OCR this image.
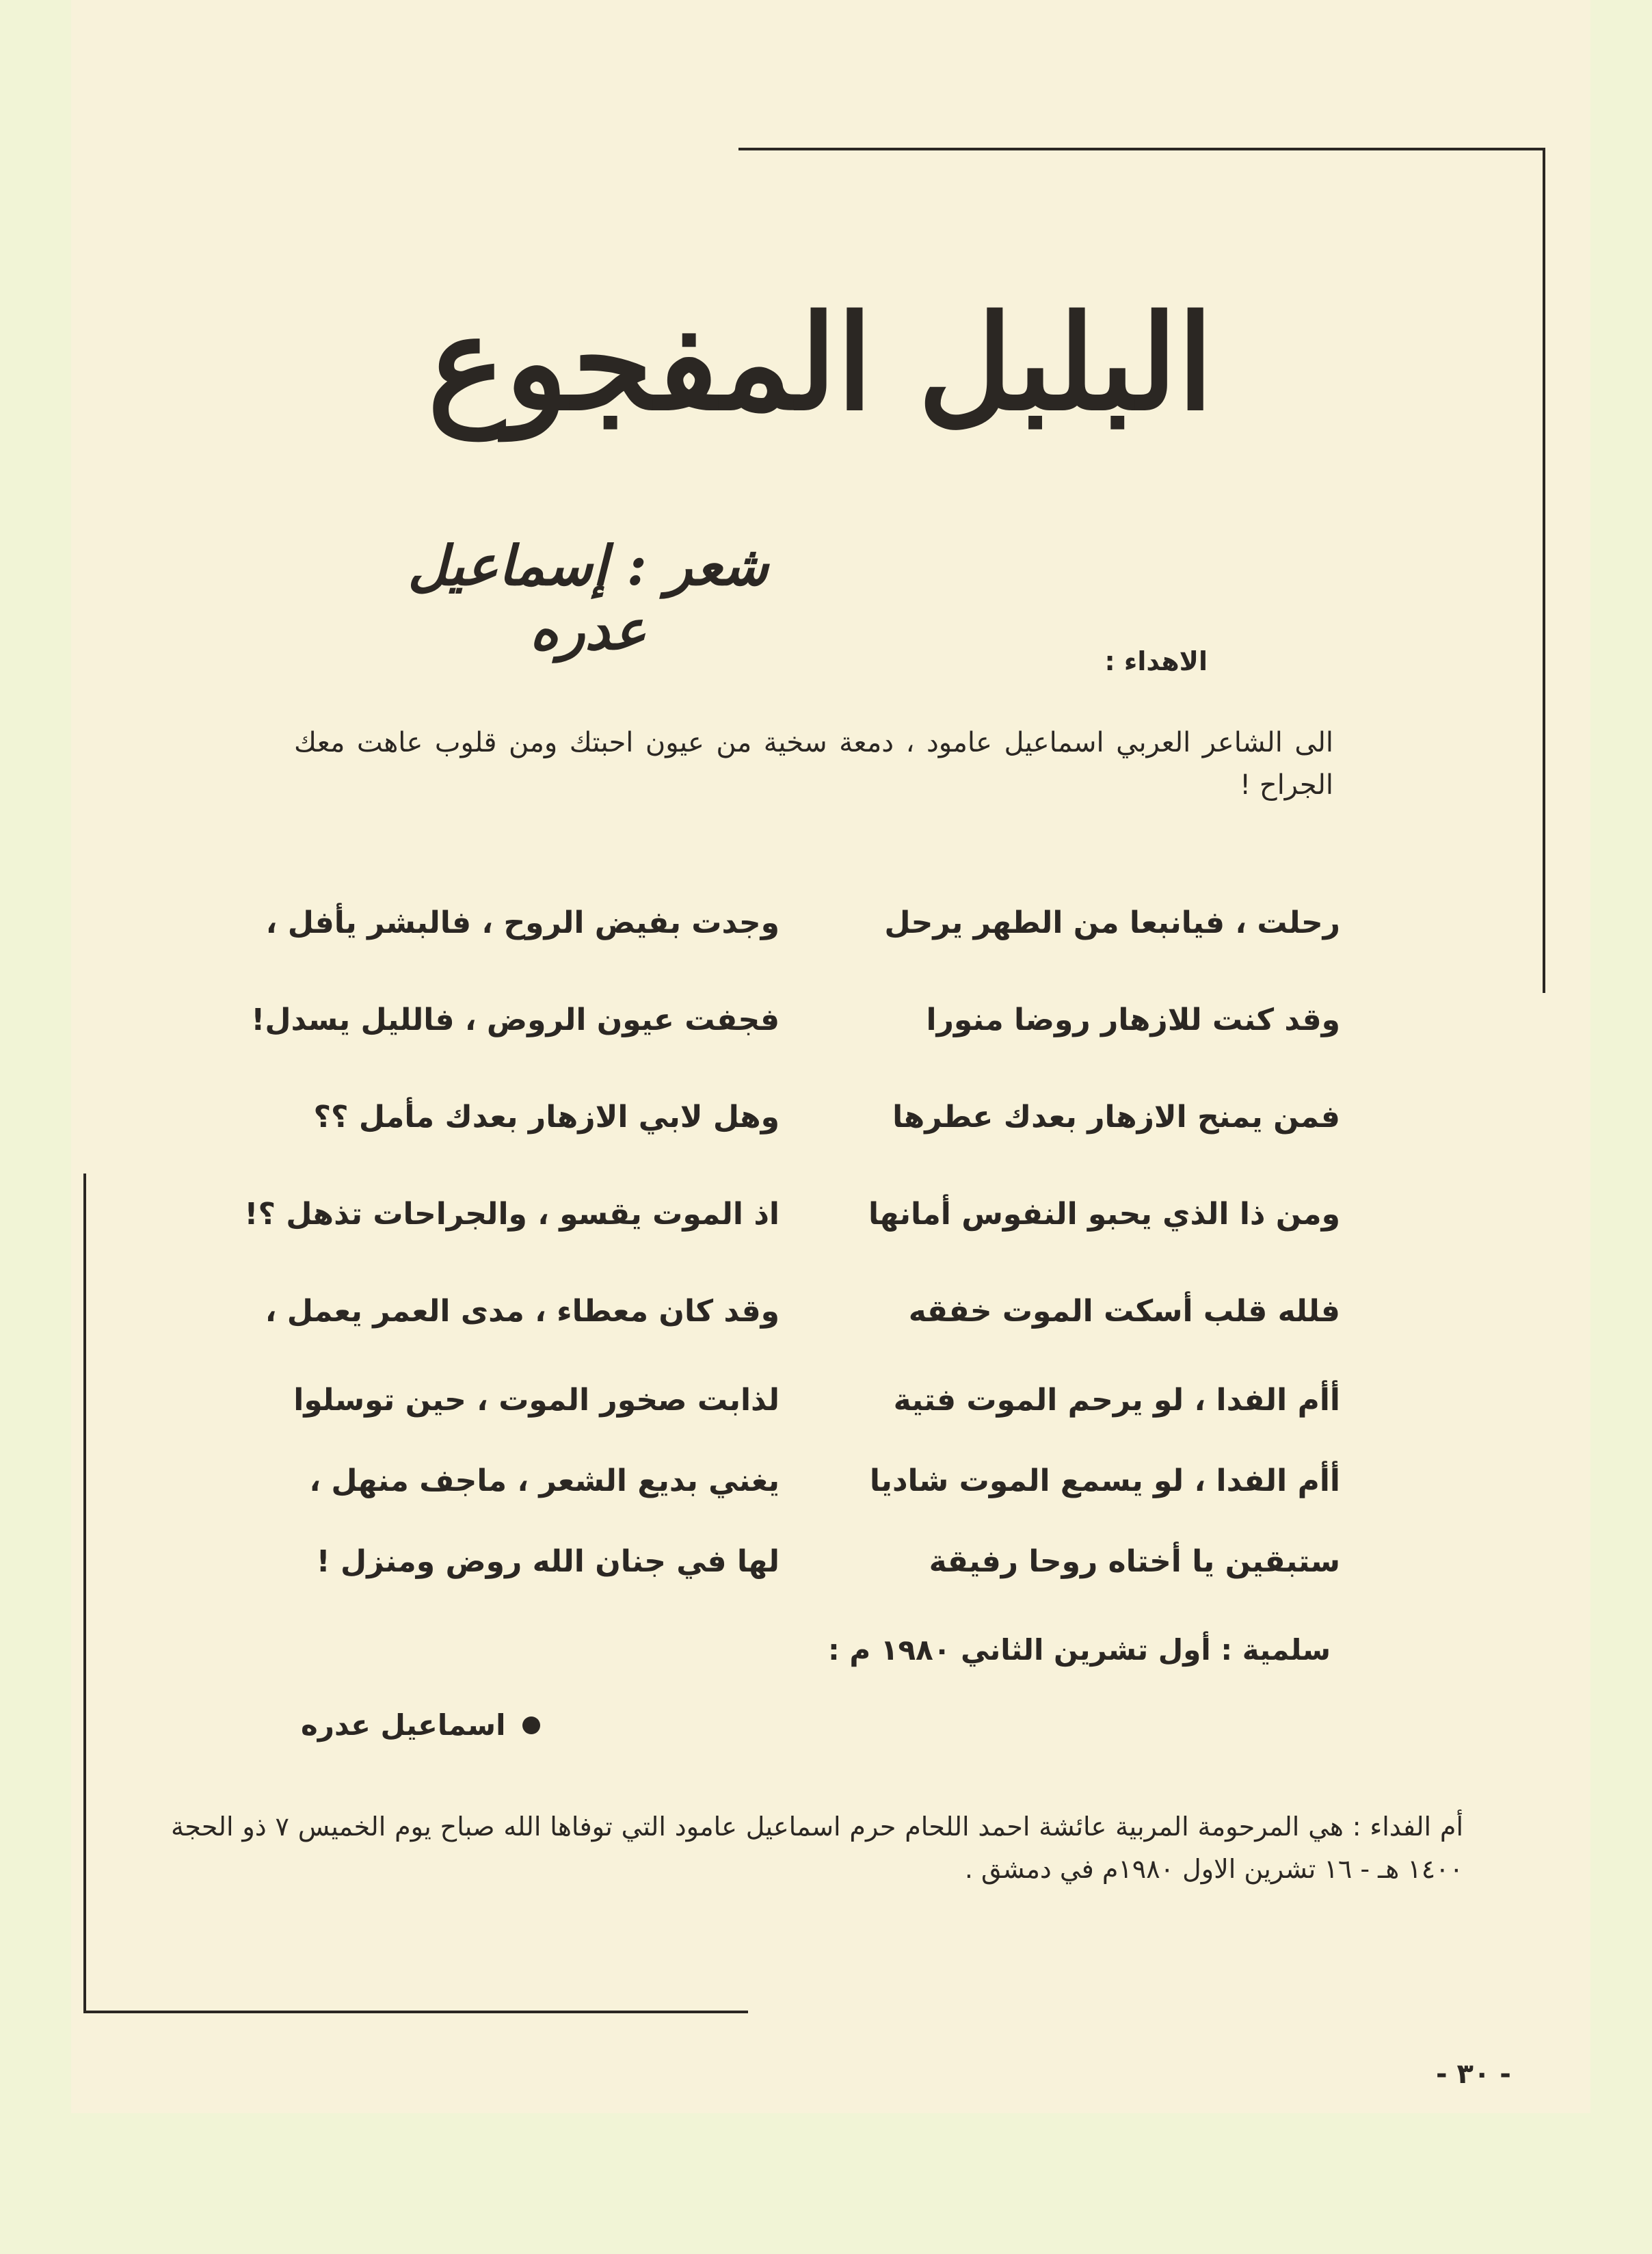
البلبل المفجوع
شعر : إسماعيل عدره	الاهداء :
الى الشاعر العربي اسماعيل عامود ، دمعة سخية من عيون احبتك ومن قلوب عاهت معك الجراح !
رحلت ، فيانبعا من الطهر يرحل
وجدت بفيض الروح ، فالبشر يأفل ،
وقد كنت للازهار روضا منورا
فجفت عيون الروض ، فالليل يسدل!
فمن يمنح الازهار بعدك عطرها
وهل لابي الازهار بعدك مأمل ؟؟
ومن ذا الذي يحبو النفوس أمانها
اذ الموت يقسو ، والجراحات تذهل ؟!
فلله قلب أسكت الموت خفقه
وقد كان معطاء ، مدى العمر يعمل ،
أأم الفدا ، لو يرحم الموت فتية
لذابت صخور الموت ، حين توسلوا
أأم الفدا ، لو يسمع الموت شاديا
يغني بديع الشعر ، ماجف منهل ،
ستبقين يا أختاه روحا رفيقة
لها في جنان الله روض ومنزل !
سلمية : أول تشرين الثاني ١٩٨٠ م :
اسماعيل عدره
أم الفداء : هي المرحومة المربية عائشة احمد اللحام حرم اسماعيل عامود التي توفاها الله صباح يوم الخميس ٧ ذو الحجة ١٤٠٠ هـ - ١٦ تشرين الاول ١٩٨٠م في دمشق .
- ٣٠ -
